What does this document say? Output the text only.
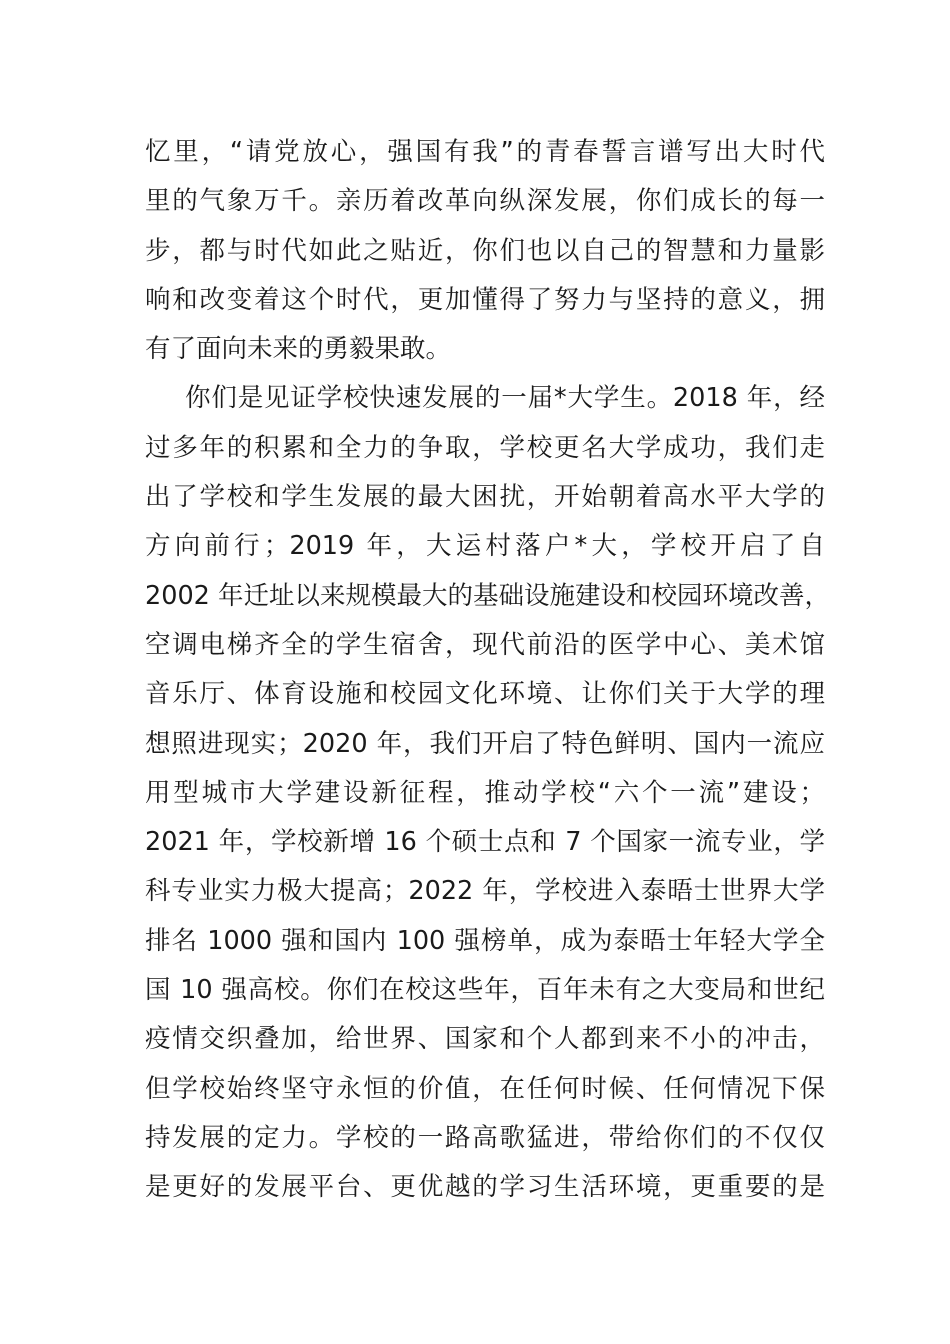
忆里，“请党放心，强国有我”的青春誓言谱写出大时代
里的气象万千。亲历着改革向纵深发展，你们成长的每一
步，都与时代如此之贴近，你们也以自己的智慧和力量影
响和改变着这个时代，更加懂得了努力与坚持的意义，拥
有了面向未来的勇毅果敢。
你们是见证学校快速发展的一届*大学生。2018 年，经
过多年的积累和全力的争取，学校更名大学成功，我们走
出了学校和学生发展的最大困扰，开始朝着高水平大学的
方向前行；2019 年，大运村落户*大，学校开启了自
2002 年迁址以来规模最大的基础设施建设和校园环境改善，
空调电梯齐全的学生宿舍，现代前沿的医学中心、美术馆
音乐厅、体育设施和校园文化环境、让你们关于大学的理
想照进现实；2020 年，我们开启了特色鲜明、国内一流应
用型城市大学建设新征程，推动学校“六个一流”建设；
2021 年，学校新增 16 个硕士点和 7 个国家一流专业，学
科专业实力极大提高；2022 年，学校进入泰晤士世界大学
排名 1000 强和国内 100 强榜单，成为泰晤士年轻大学全
国 10 强高校。你们在校这些年，百年未有之大变局和世纪
疫情交织叠加，给世界、国家和个人都到来不小的冲击，
但学校始终坚守永恒的价值，在任何时候、任何情况下保
持发展的定力。学校的一路高歌猛进，带给你们的不仅仅
是更好的发展平台、更优越的学习生活环境，更重要的是
